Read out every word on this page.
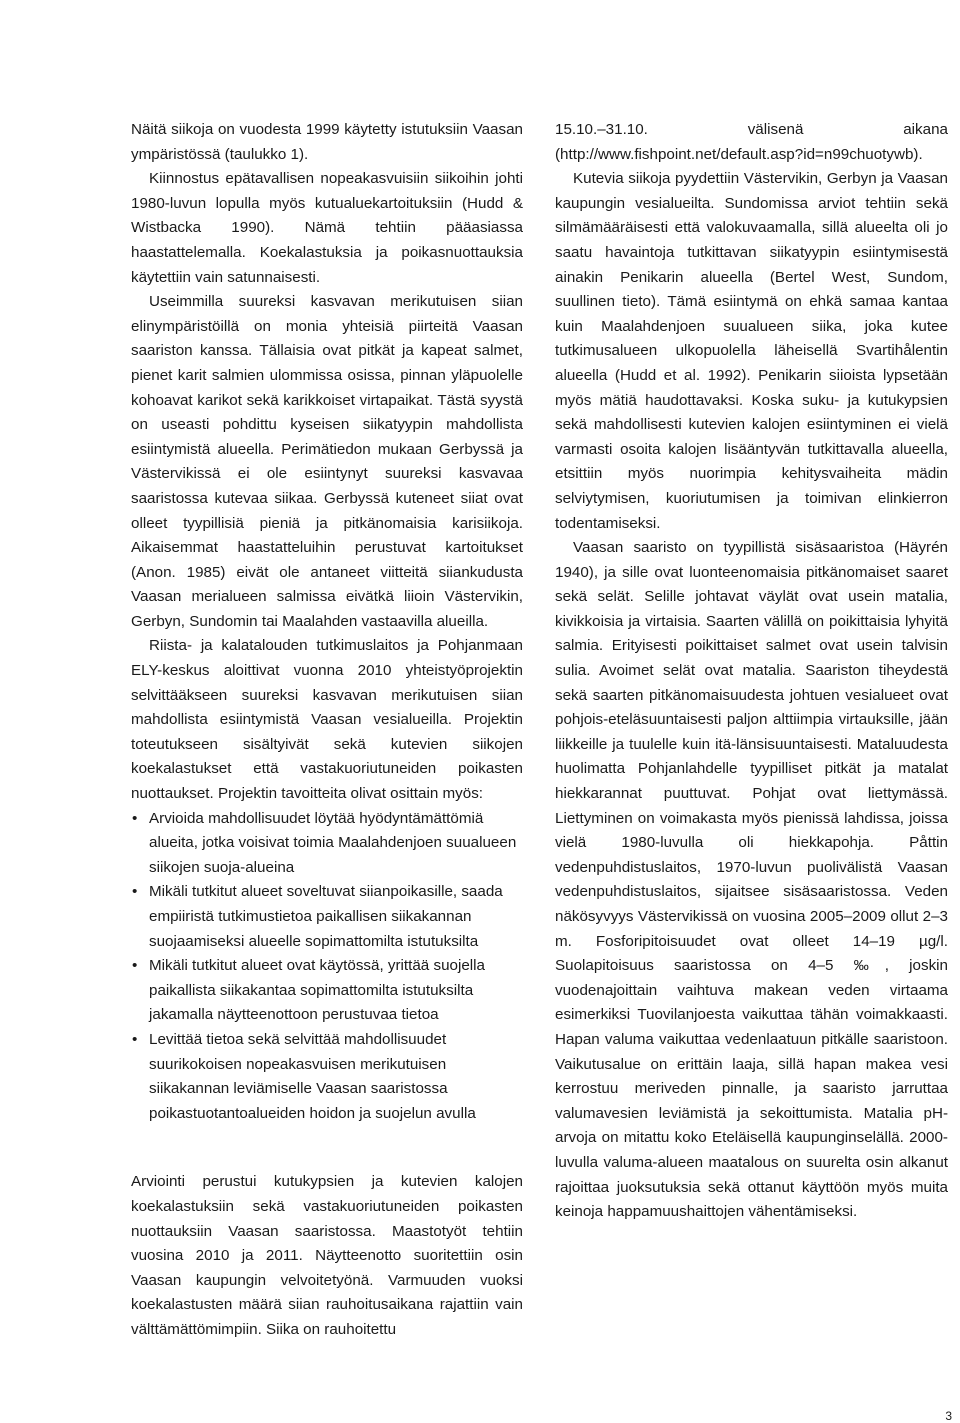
Näitä siikoja on vuodesta 1999 käytetty istutuksiin Vaasan ympäristössä (taulukko 1).

Kiinnostus epätavallisen nopeakasvuisiin siikoihin johti 1980-luvun lopulla myös kutualuekartoituksiin (Hudd & Wistbacka 1990). Nämä tehtiin pääasiassa haastattelemalla. Koekalastuksia ja poikasnuottauksia käytettiin vain satunnaisesti.

Useimmilla suureksi kasvavan merikutuisen siian elinympäristöillä on monia yhteisiä piirteitä Vaasan saariston kanssa. Tällaisia ovat pitkät ja kapeat salmet, pienet karit salmien ulommissa osissa, pinnan yläpuolelle kohoavat karikot sekä karikkoiset virtapaikat. Tästä syystä on useasti pohdittu kyseisen siikatyypin mahdollista esiintymistä alueella. Perimätiedon mukaan Gerbyssä ja Västervikissä ei ole esiintynyt suureksi kasvavaa saaristossa kutevaa siikaa. Gerbyssä kuteneet siiat ovat olleet tyypillisiä pieniä ja pitkänomaisia karisiikoja. Aikaisemmat haastatteluihin perustuvat kartoitukset (Anon. 1985) eivät ole antaneet viitteitä siiankudusta Vaasan merialueen salmissa eivätkä liioin Västervikin, Gerbyn, Sundomin tai Maalahden vastaavilla alueilla.

Riista- ja kalatalouden tutkimuslaitos ja Pohjanmaan ELY-keskus aloittivat vuonna 2010 yhteistyöprojektin selvittääkseen suureksi kasvavan merikutuisen siian mahdollista esiintymistä Vaasan vesialueilla. Projektin toteutukseen sisältyivät sekä kutevien siikojen koekalastukset että vastakuoriutuneiden poikasten nuottaukset. Projektin tavoitteita olivat osittain myös:

• Arvioida mahdollisuudet löytää hyödyntämättömiä alueita, jotka voisivat toimia Maalahdenjoen suualueen siikojen suoja-alueina
• Mikäli tutkitut alueet soveltuvat siianpoikasille, saada empiiristä tutkimustietoa paikallisen siikakannan suojaamiseksi alueelle sopimattomilta istutuksilta
• Mikäli tutkitut alueet ovat käytössä, yrittää suojella paikallista siikakantaa sopimattomilta istutuksilta jakamalla näytteenottoon perustuvaa tietoa
• Levittää tietoa sekä selvittää mahdollisuudet suurikokoisen nopeakasvuisen merikutuisen siikakannan leviämiselle Vaasan saaristossa poikastuotantoalueiden hoidon ja suojelun avulla

Arviointi perustui kutukypsien ja kutevien kalojen koekalastuksiin sekä vastakuoriutuneiden poikasten nuottauksiin Vaasan saaristossa. Maastotyöt tehtiin vuosina 2010 ja 2011. Näytteenotto suoritettiin osin Vaasan kaupungin velvoitetyönä. Varmuuden vuoksi koekalastusten määrä siian rauhoitusaikana rajattiin vain välttämättömimpiin. Siika on rauhoitettu

15.10.–31.10. välisenä aikana (http://www.fishpoint.net/default.asp?id=n99chuotywb).

Kutevia siikoja pyydettiin Västervikin, Gerbyn ja Vaasan kaupungin vesialueilta. Sundomissa arviot tehtiin sekä silmämääräisesti että valokuvaamalla, sillä alueelta oli jo saatu havaintoja tutkittavan siikatyypin esiintymisestä ainakin Penikarin alueella (Bertel West, Sundom, suullinen tieto). Tämä esiintymä on ehkä samaa kantaa kuin Maalahdenjoen suualueen siika, joka kutee tutkimusalueen ulkopuolella läheisellä Svartihålentin alueella (Hudd et al. 1992). Penikarin siioista lypsetään myös mätiä haudottavaksi. Koska suku- ja kutukypsien sekä mahdollisesti kutevien kalojen esiintyminen ei vielä varmasti osoita kalojen lisääntyvän tutkittavalla alueella, etsittiin myös nuorimpia kehitysvaiheita mädin selviytymisen, kuoriutumisen ja toimivan elinkierron todentamiseksi.

Vaasan saaristo on tyypillistä sisäsaaristoa (Häyrén 1940), ja sille ovat luonteenomaisia pitkänomaiset saaret sekä selät. Selille johtavat väylät ovat usein matalia, kivikkoisia ja virtaisia. Saarten välillä on poikittaisia lyhyitä salmia. Erityisesti poikittaiset salmet ovat usein talvisin sulia. Avoimet selät ovat matalia. Saariston tiheydestä sekä saarten pitkänomaisuudesta johtuen vesialueet ovat pohjois-eteläsuuntaisesti paljon alttiimpia virtauksille, jään liikkeille ja tuulelle kuin itä-länsisuuntaisesti. Mataluudesta huolimatta Pohjanlahdelle tyypilliset pitkät ja matalat hiekkarannat puuttuvat. Pohjat ovat liettymässä. Liettyminen on voimakasta myös pienissä lahdissa, joissa vielä 1980-luvulla oli hiekkapohja. Påttin vedenpuhdistuslaitos, 1970-luvun puolivälistä Vaasan vedenpuhdistuslaitos, sijaitsee sisäsaaristossa. Veden näkösyvyys Västervikissä on vuosina 2005–2009 ollut 2–3 m. Fosforipitoisuudet ovat olleet 14–19 µg/l. Suolapitoisuus saaristossa on 4–5 ‰, joskin vuodenajoittain vaihtuva makean veden virtaama esimerkiksi Tuovilanjoesta vaikuttaa tähän voimakkaasti. Hapan valuma vaikuttaa vedenlaatuun pitkälle saaristoon. Vaikutusalue on erittäin laaja, sillä hapan makea vesi kerrostuu meriveden pinnalle, ja saaristo jarruttaa valumavesien leviämistä ja sekoittumista. Matalia pH-arvoja on mitattu koko Eteläisellä kaupunginselällä. 2000-luvulla valuma-alueen maatalous on suurelta osin alkanut rajoittaa juoksutuksia sekä ottanut käyttöön myös muita keinoja happamuushaittojen vähentämiseksi.

3
